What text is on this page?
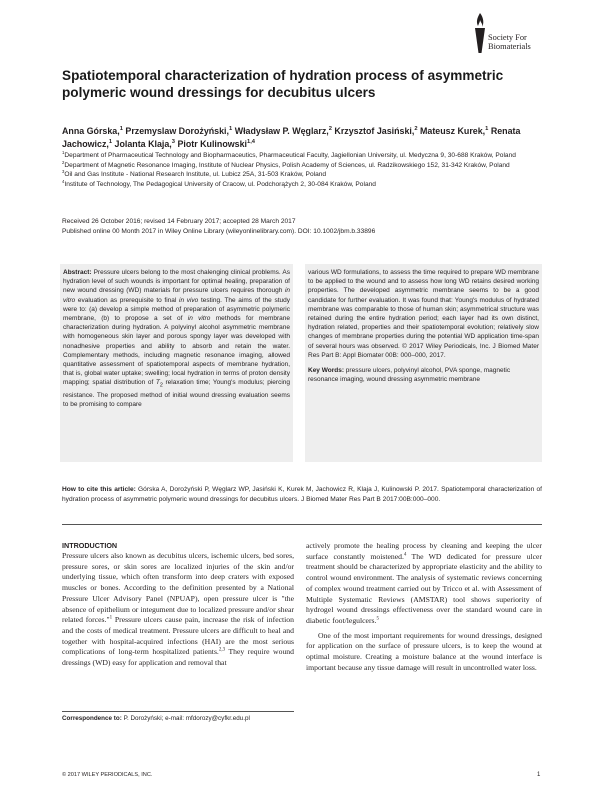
Society For
Biomaterials
Spatiotemporal characterization of hydration process of asymmetric polymeric wound dressings for decubitus ulcers
Anna Górska,$^1$ Przemyslaw Dorożyński,$^1$ Władysław P. Węglarz,$^2$ Krzysztof Jasiński,$^2$ Mateusz Kurek,$^1$ Renata Jachowicz,$^1$ Jolanta Klaja,$^3$ Piotr Kulinowski$^{1,4}$
$^1$Department of Pharmaceutical Technology and Biopharmaceutics, Pharmaceutical Faculty, Jagiellonian University, ul. Medyczna 9, 30-688 Kraków, Poland
$^2$Department of Magnetic Resonance Imaging, Institute of Nuclear Physics, Polish Academy of Sciences, ul. Radzikowskiego 152, 31-342 Kraków, Poland
$^3$Oil and Gas Institute - National Research Institute, ul. Lubicz 25A, 31-503 Kraków, Poland
$^4$Institute of Technology, The Pedagogical University of Cracow, ul. Podchorążych 2, 30-084 Kraków, Poland
Received 26 October 2016; revised 14 February 2017; accepted 28 March 2017
Published online 00 Month 2017 in Wiley Online Library (wileyonlinelibrary.com). DOI: 10.1002/jbm.b.33896
Abstract: Pressure ulcers belong to the most chalenging clinical problems. As hydration level of such wounds is important for optimal healing, preparation of new wound dressing (WD) materials for pressure ulcers requires thorough in vitro evaluation as prerequisite to final in vivo testing. The aims of the study were to: (a) develop a simple method of preparation of asymmetric polymeric membrane, (b) to propose a set of in vitro methods for membrane characterization during hydration. A polyvinyl alcohol asymmetric membrane with homogeneous skin layer and porous spongy layer was developed with nonadhesive properties and ability to absorb and retain the water. Complementary methods, including magnetic resonance imaging, allowed quantitative assessment of spatiotemporal aspects of membrane hydration, that is, global water uptake; swelling; local hydration in terms of proton density mapping; spatial distribution of $T_2$ relaxation time; Young's modulus; piercing resistance. The proposed method of initial wound dressing evaluation seems to be promising to compare
various WD formulations, to assess the time required to prepare WD membrane to be applied to the wound and to assess how long WD retains desired working properties. The developed asymmetric membrane seems to be a good candidate for further evaluation. It was found that: Young's modulus of hydrated membrane was comparable to those of human skin; asymmetrical structure was retained during the entire hydration period; each layer had its own distinct, hydration related, properties and their spatiotemporal evolution; relatively slow changes of membrane properties during the potential WD application time-span of several hours was observed. © 2017 Wiley Periodicals, Inc. J Biomed Mater Res Part B: Appl Biomater 00B: 000–000, 2017.
Key Words: pressure ulcers, polyvinyl alcohol, PVA sponge, magnetic resonance imaging, wound dressing asymmetric membrane
How to cite this article: Górska A, Dorożyński P, Węglarz WP, Jasiński K, Kurek M, Jachowicz R, Klaja J, Kulinowski P. 2017. Spatiotemporal characterization of hydration process of asymmetric polymeric wound dressings for decubitus ulcers. J Biomed Mater Res Part B 2017:00B:000–000.
INTRODUCTION
Pressure ulcers also known as decubitus ulcers, ischemic ulcers, bed sores, pressure sores, or skin sores are localized injuries of the skin and/or underlying tissue, which often transform into deep craters with exposed muscles or bones. According to the definition presented by a National Pressure Ulcer Advisory Panel (NPUAP), open pressure ulcer is "the absence of epithelium or integument due to localized pressure and/or shear related forces."$^1$ Pressure ulcers cause pain, increase the risk of infection and the costs of medical treatment. Pressure ulcers are difficult to heal and together with hospital-acquired infections (HAI) are the most serious complications of long-term hospitalized patients.$^{2,3}$ They require wound dressings (WD) easy for application and removal that
actively promote the healing process by cleaning and keeping the ulcer surface constantly moistened.$^4$ The WD dedicated for pressure ulcer treatment should be characterized by appropriate elasticity and the ability to control wound environment. The analysis of systematic reviews concerning of complex wound treatment carried out by Tricco et al. with Assessment of Multiple Systematic Reviews (AMSTAR) tool shows superiority of hydrogel wound dressings effectiveness over the standard wound care in diabetic foot/legulcers.$^5$
One of the most important requirements for wound dressings, designed for application on the surface of pressure ulcers, is to keep the wound at optimal moisture. Creating a moisture balance at the wound interface is important because any tissue damage will result in uncontrolled water loss.
Correspondence to: P. Dorożyński; e-mail: mfdorozy@cyfkr.edu.pl
© 2017 WILEY PERIODICALS, INC.	1
